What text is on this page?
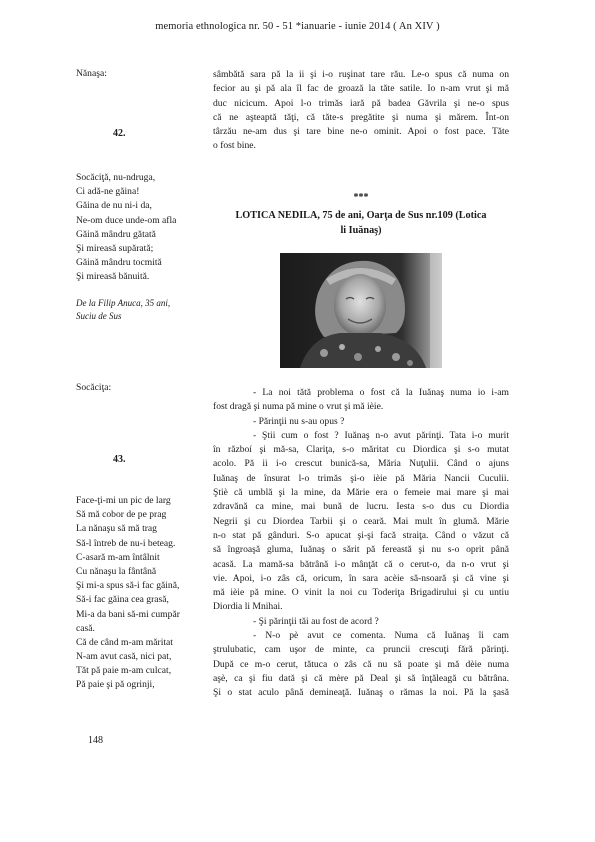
memoria ethnologica nr. 50 - 51 *ianuarie - iunie 2014 ( An XIV )
Nănaşa:
42.
Socăciţă, nu-ndruga,
Ci adă-ne găina!
Găina de nu ni-i da,
Ne-om duce unde-om afla
Găină mândru gătată
Şi mireasă supărată;
Găină mândru tocmită
Şi mireasă bănuită.
De la Filip Anuca, 35 ani,
Suciu de Sus
Socăciţa:
43.
Face-ţi-mi un pic de larg
Să mă cobor de pe prag
La nănaşu să mă trag
Să-l întreb de nu-i beteag.
C-asară m-am întâlnit
Cu nănaşu la fântână
Şi mi-a spus să-i fac găină,
Să-i fac găina cea grasă,
Mi-a da bani să-mi cumpăr
casă.
Că de când m-am măritat
N-am avut casă, nici pat,
Tăt pă paie m-am culcat,
Pă paie şi pă ogrinji,
sâmbătă sara pă la ii şi i-o ruşinat tare rău. Le-o spus că numa on
fecior au şi pă ala îl fac de groază la tăte satile. Io n-am vrut şi mă
duc nicicum. Apoi l-o trimăs iară pă badea Găvrila şi ne-o spus
că ne aşteaptă tăţi, că tăte-s pregătite şi numa şi mărem. Înt-on
târzău ne-am dus şi tare bine ne-o ominit. Apoi o fost pace. Tăte
o fost bine.
***
LOTICA NEDILA, 75 de ani, Oarţa de Sus nr.109 (Lotica
li Iuănaş)
- La noi tătă problema o fost că la Iuănaş numa io i-am
fost dragă şi numa pă mine o vrut şi mă ièie.
- Părinţii nu s-au opus ?
- Ştii cum o fost ? Iuănaş n-o avut părinţi. Tata i-o murit
în războí şi mă-sa, Clariţa, s-o măritat cu Diordica şi s-o mutat
acolo. Pă ii i-o crescut bunică-sa, Măria Nuţulii. Când o ajuns
Iuănaş de însurat l-o trimăs şi-o ièie pă Măria Nancii Cuculii.
Ştiè că umblă şi la mine, da Mărie era o femeie mai mare şi mai
zdravănă ca mine, mai bună de lucru. Iesta s-o dus cu Diordia
Negrii şi cu Diordea Tarbii şi o ceară. Mai mult în glumă. Mărie
n-o stat pă gânduri. S-o apucat şi-şi facă straiţa. Când o văzut că
să îngroaşă gluma, Iuănaş o sărit pă fereastă şi nu s-o oprit până
acasă. La mamă-sa bătrână i-o mânţăt că o cerut-o, da n-o vrut şi
vie. Apoi, i-o zâs că, oricum, în sara acèie să-nsoară şi că vine şi
mă ièie pă mine. O vinit la noi cu Toderiţa Brigadirului şi cu untiu
Diordia li Mnihai.
- Şi părinţii tăi au fost de acord ?
- N-o pè avut ce comenta. Numa că Iuănaş îi cam
ştrulubatic, cam uşor de minte, ca pruncii crescuţi fără părinţi.
După ce m-o cerut, tătuca o zâs că nu să poate şi mă dèie numa
aşè, ca şi fiu dată şi că mère pă Deal şi să înţăleagă cu bătrâna.
Şi o stat aculo până demineaţă. Iuănaş o rămas la noi. Pă la şasă
148
